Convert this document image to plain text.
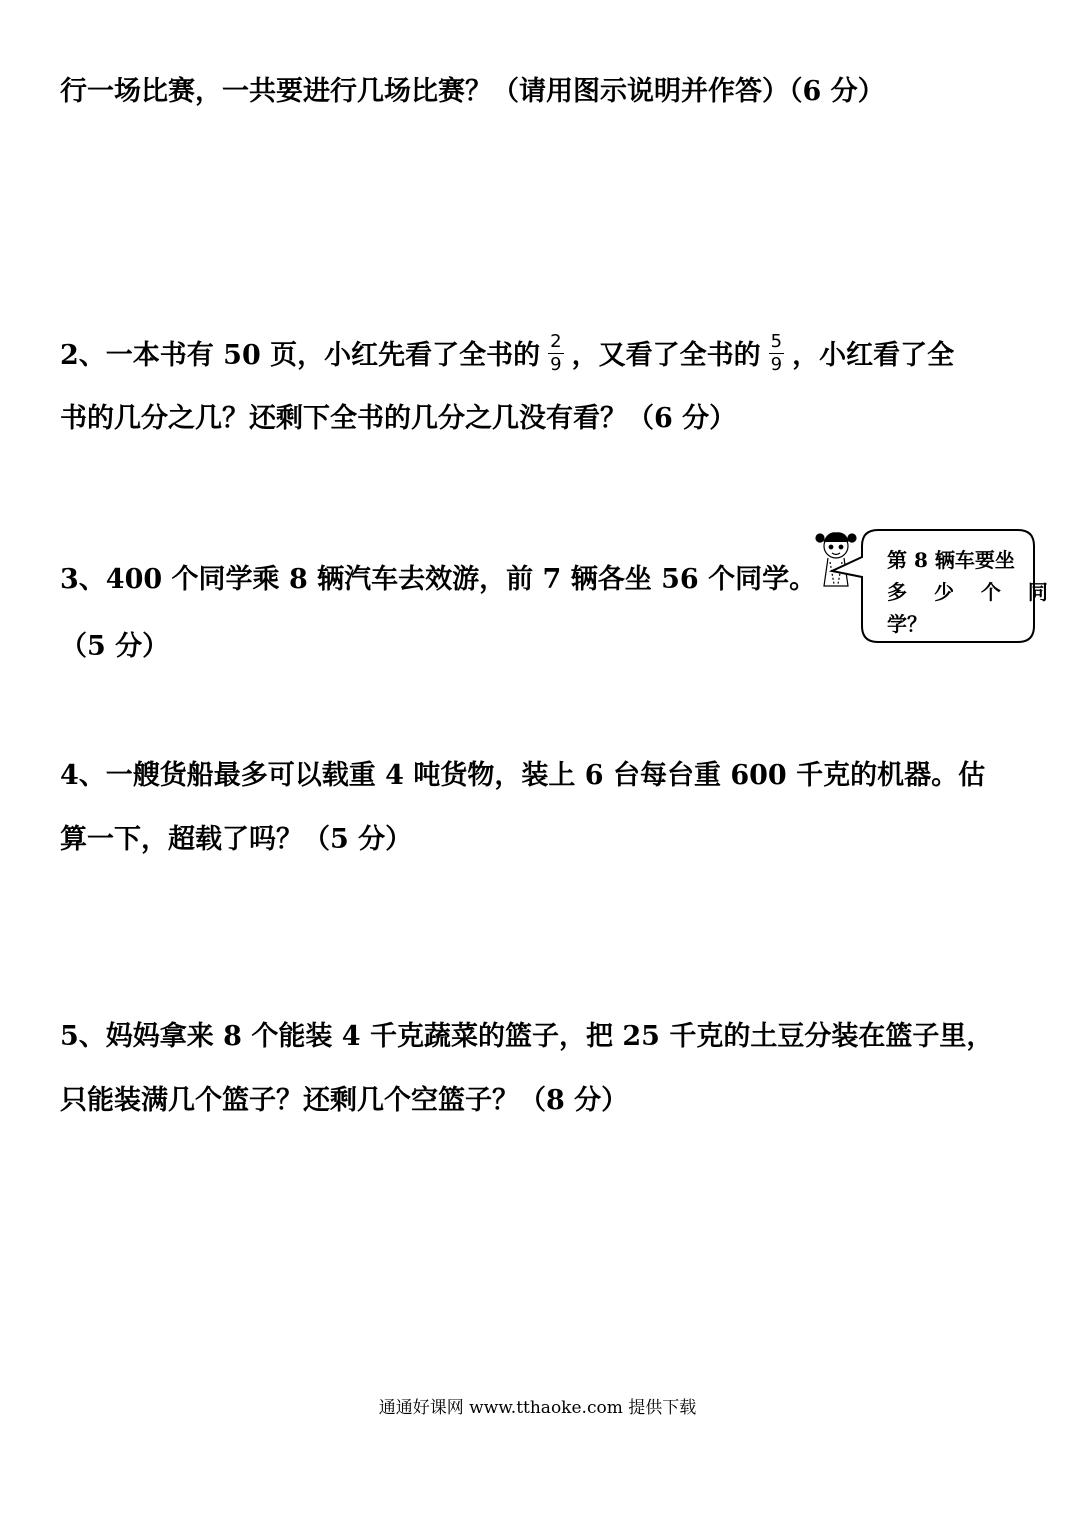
行一场比赛，一共要进行几场比赛？（请用图示说明并作答）（6 分）

2、一本书有 50 页，小红先看了全书的 $\frac{2}{9}$ ，又看了全书的 $\frac{5}{9}$ ，小红看了全

书的几分之几？还剩下全书的几分之几没有看？（6 分）

3、400 个同学乘 8 辆汽车去效游，前 7 辆各坐 56 个同学。

（5 分）

第 8 辆车要坐
多 少 个 同
学？

4、一艘货船最多可以载重 4 吨货物，装上 6 台每台重 600 千克的机器。估

算一下，超载了吗？（5 分）

5、妈妈拿来 8 个能装 4 千克蔬菜的篮子，把 25 千克的土豆分装在篮子里，

只能装满几个篮子？还剩几个空篮子？（8 分）

通通好课网 www.tthaoke.com 提供下载
